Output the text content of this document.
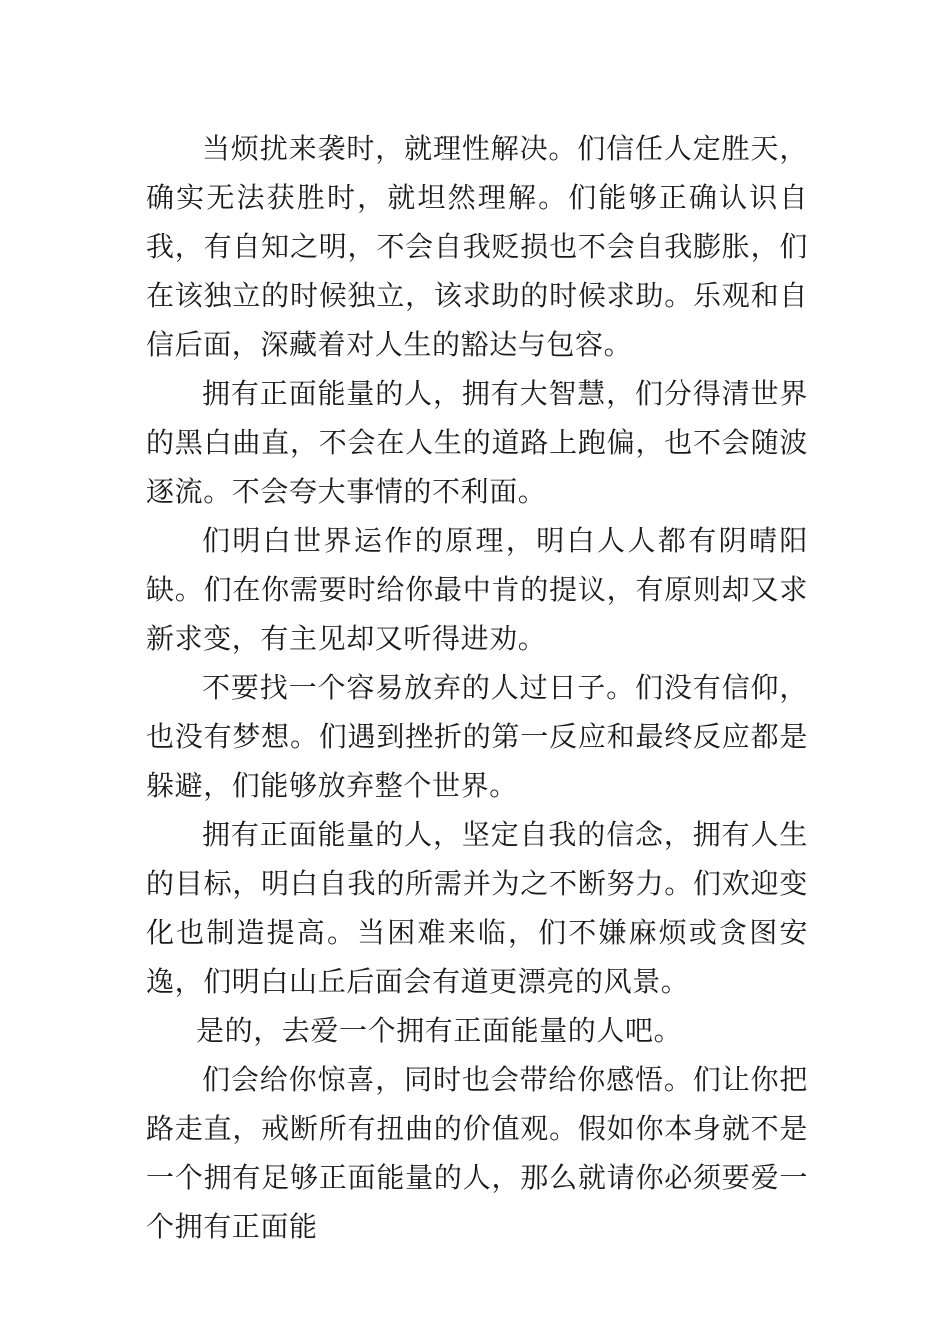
当烦扰来袭时，就理性解决。们信任人定胜天，确实无法获胜时，就坦然理解。们能够正确认识自我，有自知之明，不会自我贬损也不会自我膨胀，们在该独立的时候独立，该求助的时候求助。乐观和自信后面，深藏着对人生的豁达与包容。

拥有正面能量的人，拥有大智慧，们分得清世界的黑白曲直，不会在人生的道路上跑偏，也不会随波逐流。不会夸大事情的不利面。

们明白世界运作的原理，明白人人都有阴晴阳缺。们在你需要时给你最中肯的提议，有原则却又求新求变，有主见却又听得进劝。

不要找一个容易放弃的人过日子。们没有信仰，也没有梦想。们遇到挫折的第一反应和最终反应都是躲避，们能够放弃整个世界。

拥有正面能量的人，坚定自我的信念，拥有人生的目标，明白自我的所需并为之不断努力。们欢迎变化也制造提高。当困难来临，们不嫌麻烦或贪图安逸，们明白山丘后面会有道更漂亮的风景。

是的，去爱一个拥有正面能量的人吧。

们会给你惊喜，同时也会带给你感悟。们让你把路走直，戒断所有扭曲的价值观。假如你本身就不是一个拥有足够正面能量的人，那么就请你必须要爱一个拥有正面能
